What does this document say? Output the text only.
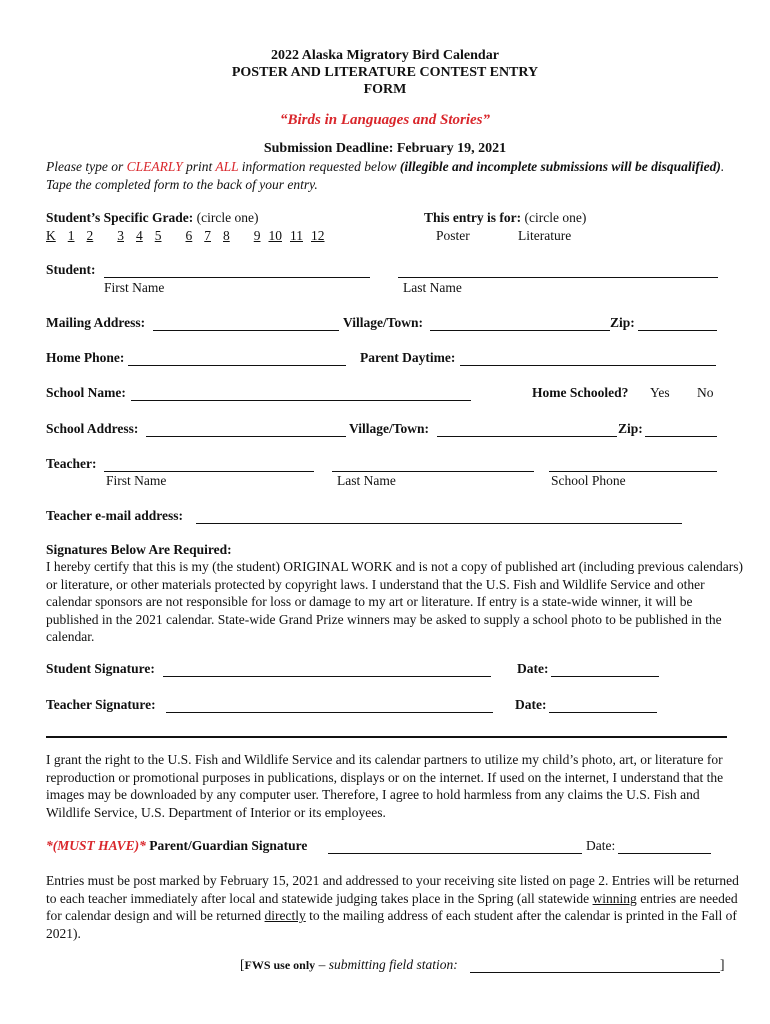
2022 Alaska Migratory Bird Calendar
POSTER AND LITERATURE CONTEST ENTRY
FORM
“Birds in Languages and Stories”
Submission Deadline: February 19, 2021
Please type or CLEARLY print ALL information requested below (illegible and incomplete submissions will be disqualified). Tape the completed form to the back of your entry.
Student’s Specific Grade: (circle one)
K 1 2 3 4 5 6 7 8 9 10 11 12
This entry is for: (circle one)
Poster	Literature
Student:
First Name	Last Name
Mailing Address:	Village/Town:	Zip:
Home Phone:	Parent Daytime:
School Name:	Home Schooled? Yes No
School Address:	Village/Town:	Zip:
Teacher:
First Name	Last Name	School Phone
Teacher e-mail address:
Signatures Below Are Required:
I hereby certify that this is my (the student) ORIGINAL WORK and is not a copy of published art (including previous calendars) or literature, or other materials protected by copyright laws. I understand that the U.S. Fish and Wildlife Service and other calendar sponsors are not responsible for loss or damage to my art or literature. If entry is a state-wide winner, it will be published in the 2021 calendar. State-wide Grand Prize winners may be asked to supply a school photo to be published in the calendar.
Student Signature:	Date:
Teacher Signature:	Date:
I grant the right to the U.S. Fish and Wildlife Service and its calendar partners to utilize my child’s photo, art, or literature for reproduction or promotional purposes in publications, displays or on the internet. If used on the internet, I understand that the images may be downloaded by any computer user. Therefore, I agree to hold harmless from any claims the U.S. Fish and Wildlife Service, U.S. Department of Interior or its employees.
*(MUST HAVE)* Parent/Guardian Signature	Date:
Entries must be post marked by February 15, 2021 and addressed to your receiving site listed on page 2. Entries will be returned to each teacher immediately after local and statewide judging takes place in the Spring (all statewide winning entries are needed for calendar design and will be returned directly to the mailing address of each student after the calendar is printed in the Fall of 2021).
[FWS use only – submitting field station:	]
